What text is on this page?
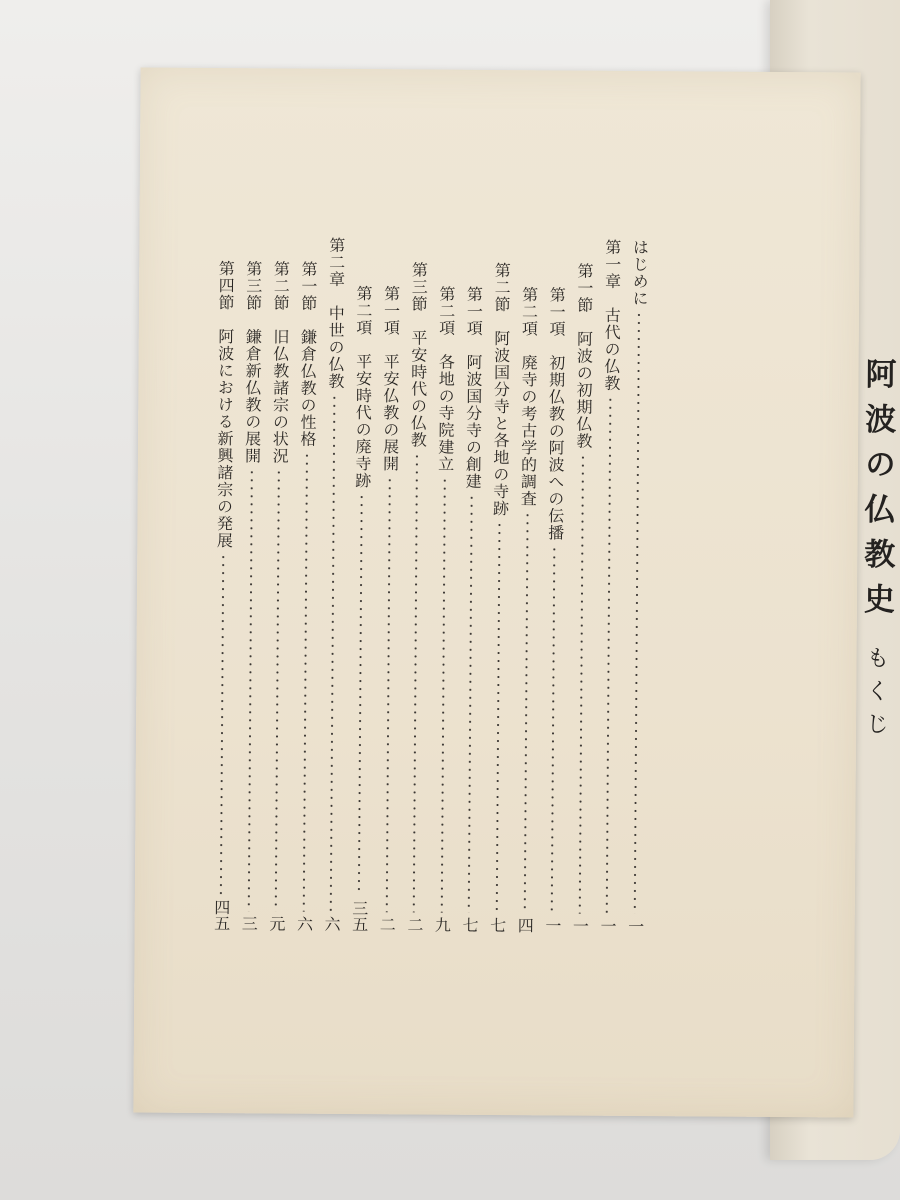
阿波の仏教史もくじ
はじめに
一
第一章　古代の仏教
一
第一節　阿波の初期仏教
一
第一項　初期仏教の阿波への伝播
一
第二項　廃寺の考古学的調査
四
第二節　阿波国分寺と各地の寺跡
七
第一項　阿波国分寺の創建
七
第二項　各地の寺院建立
九
第三節　平安時代の仏教
二
第一項　平安仏教の展開
二
第二項　平安時代の廃寺跡
三五
第二章　中世の仏教
六
第一節　鎌倉仏教の性格
六
第二節　旧仏教諸宗の状況
元
第三節　鎌倉新仏教の展開
三
第四節　阿波における新興諸宗の発展
四五
